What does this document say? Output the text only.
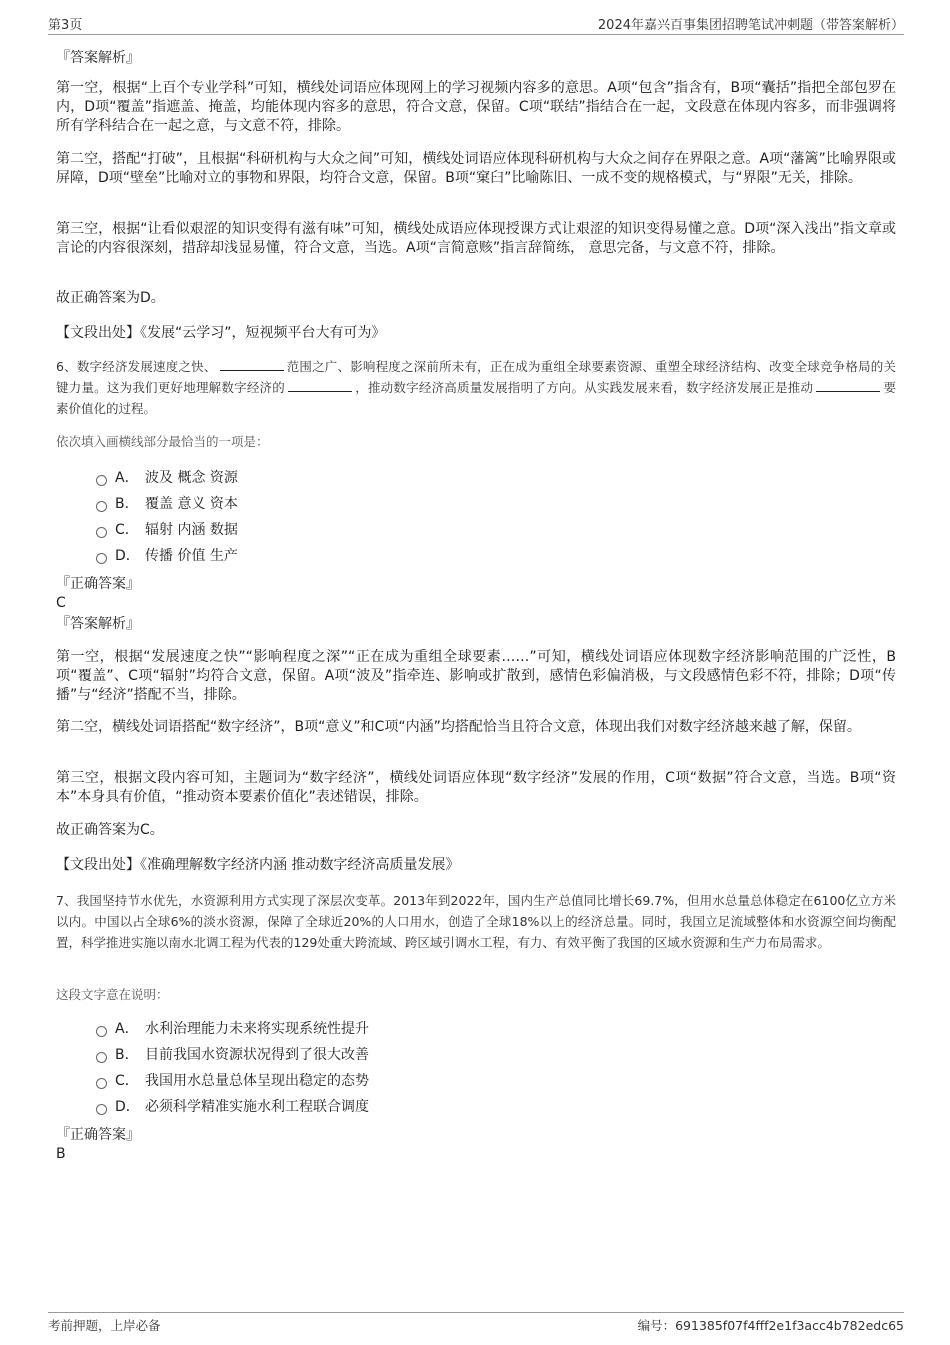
第3页	2024年嘉兴百事集团招聘笔试冲刺题（带答案解析）
『答案解析』
第一空，根据“上百个专业学科”可知，横线处词语应体现网上的学习视频内容多的意思。A项“包含”指含有，B项“囊括”指把全部包罗在内，D项“覆盖”指遮盖、掩盖，均能体现内容多的意思，符合文意，保留。C项“联结”指结合在一起，文段意在体现内容多，而非强调将所有学科结合在一起之意，与文意不符，排除。
第二空，搭配“打破”，且根据“科研机构与大众之间”可知，横线处词语应体现科研机构与大众之间存在界限之意。A项“藩篱”比喻界限或屏障，D项“壁垒”比喻对立的事物和界限，均符合文意，保留。B项“窠臼”比喻陈旧、一成不变的规格模式，与“界限”无关，排除。
第三空，根据“让看似艰涩的知识变得有滋有味”可知，横线处成语应体现授课方式让艰涩的知识变得易懂之意。D项“深入浅出”指文章或言论的内容很深刻，措辞却浅显易懂，符合文意，当选。A项“言简意赅”指言辞简练， 意思完备，与文意不符，排除。
故正确答案为D。
【文段出处】《发展“云学习”，短视频平台大有可为》
6、数字经济发展速度之快、	范围之广、影响程度之深前所未有，正在成为重组全球要素资源、重塑全球经济结构、改变全球竞争格局的关键力量。这为我们更好地理解数字经济的	，推动数字经济高质量发展指明了方向。从实践发展来看，数字经济发展正是推动	要素价值化的过程。
依次填入画横线部分最恰当的一项是：
A． 波及 概念 资源
B． 覆盖 意义 资本
C． 辐射 内涵 数据
D． 传播 价值 生产
『正确答案』
C
『答案解析』
第一空，根据“发展速度之快”“影响程度之深”“正在成为重组全球要素……”可知，横线处词语应体现数字经济影响范围的广泛性，B项“覆盖”、C项“辐射”均符合文意，保留。A项“波及”指牵连、影响或扩散到，感情色彩偏消极，与文段感情色彩不符，排除；D项“传播”与“经济”搭配不当，排除。
第二空，横线处词语搭配“数字经济”，B项“意义”和C项“内涵”均搭配恰当且符合文意，体现出我们对数字经济越来越了解，保留。
第三空，根据文段内容可知，主题词为“数字经济”，横线处词语应体现“数字经济”发展的作用，C项“数据”符合文意，当选。B项“资本”本身具有价值，“推动资本要素价值化”表述错误，排除。
故正确答案为C。
【文段出处】《准确理解数字经济内涵 推动数字经济高质量发展》
7、我国坚持节水优先，水资源利用方式实现了深层次变革。2013年到2022年，国内生产总值同比增长69.7%，但用水总量总体稳定在6100亿立方米以内。中国以占全球6%的淡水资源，保障了全球近20%的人口用水，创造了全球18%以上的经济总量。同时，我国立足流域整体和水资源空间均衡配置，科学推进实施以南水北调工程为代表的129处重大跨流域、跨区域引调水工程，有力、有效平衡了我国的区域水资源和生产力布局需求。
这段文字意在说明：
A． 水利治理能力未来将实现系统性提升
B． 目前我国水资源状况得到了很大改善
C． 我国用水总量总体呈现出稳定的态势
D． 必须科学精准实施水利工程联合调度
『正确答案』
B
考前押题，上岸必备	编号：691385f07f4fff2e1f3acc4b782edc65
